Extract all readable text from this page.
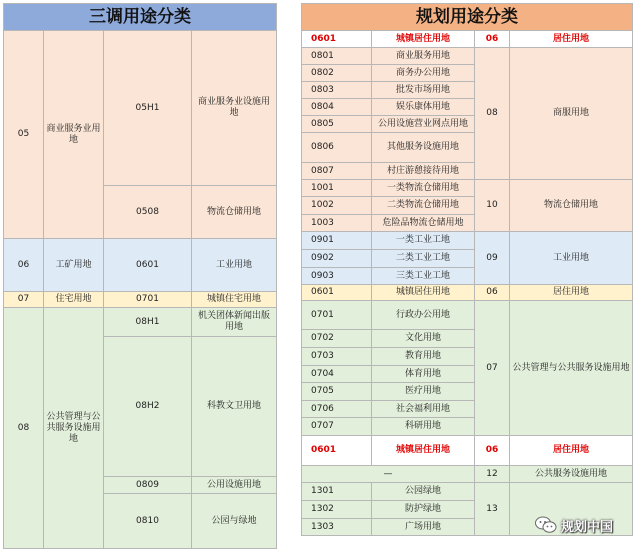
三调用途分类			
05	商业服务业用地	05H1	商业服务业设施用地
		0508	物流仓储用地
06	工矿用地	0601	工业用地
07	住宅用地	0701	城镇住宅用地
08	公共管理与公共服务设施用地	08H1	机关团体新闻出版用地
		08H2	科教文卫用地
		0809	公用设施用地
		0810	公园与绿地
规划用途分类			
0601	城镇居住用地	06	居住用地
0801	商业服务用地	08	商服用地
0802	商务办公用地		
0803	批发市场用地		
0804	娱乐康体用地		
0805	公用设施营业网点用地		
0806	其他服务设施用地		
0807	村庄游憩接待用地		
1001	一类物流仓储用地	10	物流仓储用地
1002	二类物流仓储用地		
1003	危险品物流仓储用地		
0901	一类工业工地	09	工业用地
0902	二类工业工地		
0903	三类工业工地		
0601	城镇居住用地	06	居住用地
0701	行政办公用地	07	公共管理与公共服务设施用地
0702	文化用地		
0703	教育用地		
0704	体育用地		
0705	医疗用地		
0706	社会福利用地		
0707	科研用地		
0601	城镇居住用地	06	居住用地
—		12	公共服务设施用地
1301	公园绿地	13	
1302	防护绿地		
1303	广场用地			规划中国
